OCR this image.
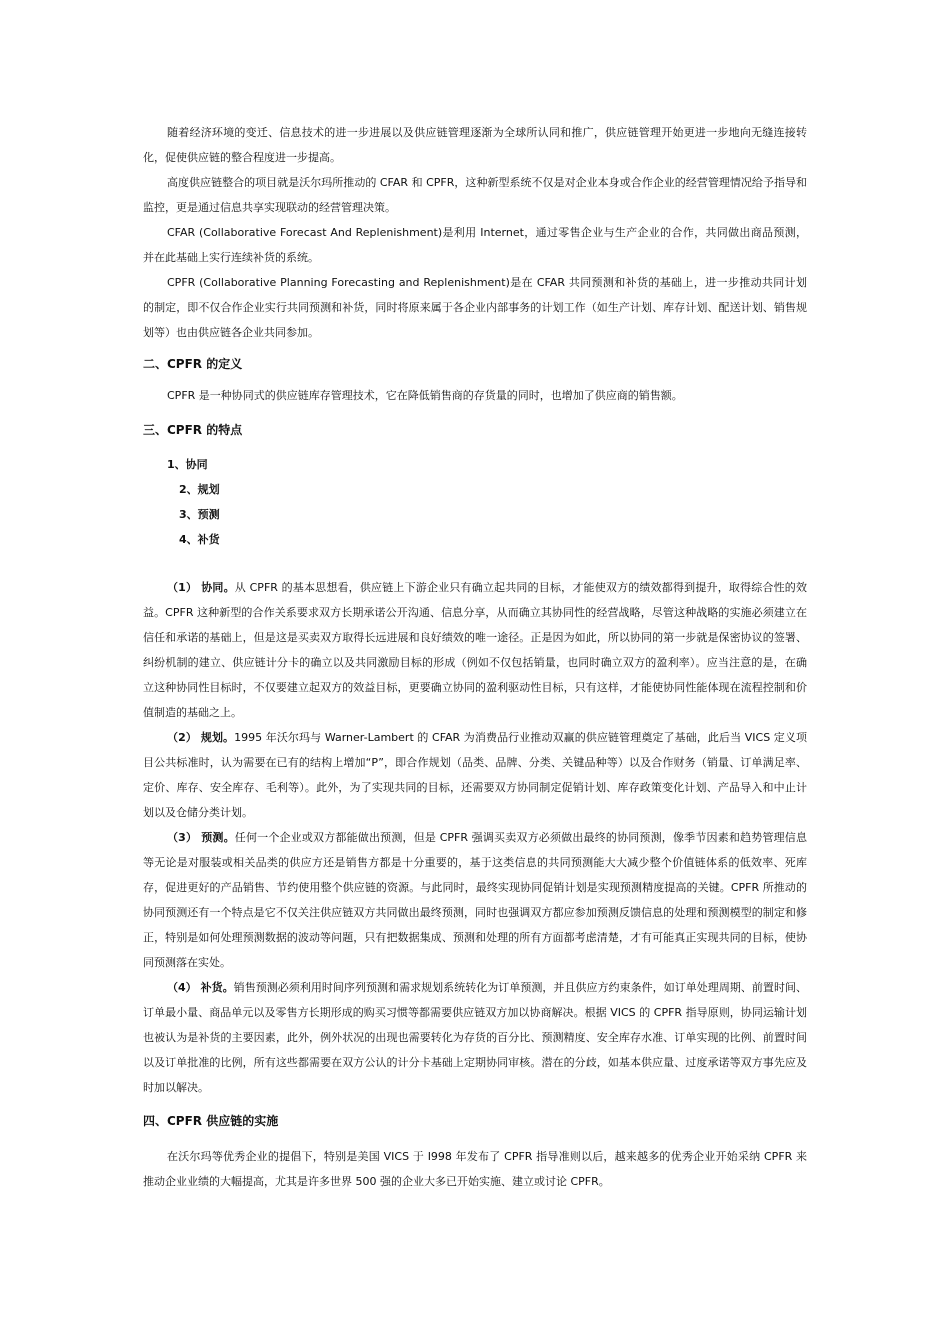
随着经济环境的变迁、信息技术的进一步进展以及供应链管理逐渐为全球所认同和推广，供应链管理开始更进一步地向无缝连接转化，促使供应链的整合程度进一步提高。

高度供应链整合的项目就是沃尔玛所推动的 CFAR 和 CPFR，这种新型系统不仅是对企业本身或合作企业的经营管理情况给予指导和监控，更是通过信息共享实现联动的经营管理决策。

CFAR (Collaborative Forecast And Replenishment)是利用 Internet，通过零售企业与生产企业的合作，共同做出商品预测，并在此基础上实行连续补货的系统。

CPFR (Collaborative Planning Forecasting and Replenishment)是在 CFAR 共同预测和补货的基础上，进一步推动共同计划的制定，即不仅合作企业实行共同预测和补货，同时将原来属于各企业内部事务的计划工作（如生产计划、库存计划、配送计划、销售规划等）也由供应链各企业共同参加。

二、CPFR 的定义

CPFR 是一种协同式的供应链库存管理技术，它在降低销售商的存货量的同时，也增加了供应商的销售额。

三、CPFR 的特点
1、协同
2、规划
3、预测
4、补货

（1） 协同。从 CPFR 的基本思想看，供应链上下游企业只有确立起共同的目标，才能使双方的绩效都得到提升，取得综合性的效益。CPFR 这种新型的合作关系要求双方长期承诺公开沟通、信息分享，从而确立其协同性的经营战略，尽管这种战略的实施必须建立在信任和承诺的基础上，但是这是买卖双方取得长远进展和良好绩效的唯一途径。正是因为如此，所以协同的第一步就是保密协议的签署、纠纷机制的建立、供应链计分卡的确立以及共同激励目标的形成（例如不仅包括销量，也同时确立双方的盈利率）。应当注意的是，在确立这种协同性目标时，不仅要建立起双方的效益目标，更要确立协同的盈利驱动性目标，只有这样，才能使协同性能体现在流程控制和价值制造的基础之上。

（2） 规划。1995 年沃尔玛与 Warner-Lambert 的 CFAR 为消费品行业推动双赢的供应链管理奠定了基础，此后当 VICS 定义项目公共标准时，认为需要在已有的结构上增加“P”，即合作规划（品类、品牌、分类、关键品种等）以及合作财务（销量、订单满足率、定价、库存、安全库存、毛利等）。此外，为了实现共同的目标，还需要双方协同制定促销计划、库存政策变化计划、产品导入和中止计划以及仓储分类计划。

（3） 预测。任何一个企业或双方都能做出预测，但是 CPFR 强调买卖双方必须做出最终的协同预测，像季节因素和趋势管理信息等无论是对服装或相关品类的供应方还是销售方都是十分重要的，基于这类信息的共同预测能大大减少整个价值链体系的低效率、死库存，促进更好的产品销售、节约使用整个供应链的资源。与此同时，最终实现协同促销计划是实现预测精度提高的关键。CPFR 所推动的协同预测还有一个特点是它不仅关注供应链双方共同做出最终预测，同时也强调双方都应参加预测反馈信息的处理和预测模型的制定和修正，特别是如何处理预测数据的波动等问题，只有把数据集成、预测和处理的所有方面都考虑清楚，才有可能真正实现共同的目标，使协同预测落在实处。

（4） 补货。销售预测必须利用时间序列预测和需求规划系统转化为订单预测，并且供应方约束条件，如订单处理周期、前置时间、订单最小量、商品单元以及零售方长期形成的购买习惯等都需要供应链双方加以协商解决。根据 VICS 的 CPFR 指导原则，协同运输计划也被认为是补货的主要因素，此外，例外状况的出现也需要转化为存货的百分比、预测精度、安全库存水准、订单实现的比例、前置时间以及订单批准的比例，所有这些都需要在双方公认的计分卡基础上定期协同审核。潜在的分歧，如基本供应量、过度承诺等双方事先应及时加以解决。

四、CPFR 供应链的实施

在沃尔玛等优秀企业的提倡下，特别是美国 VICS 于 I998 年发布了 CPFR 指导准则以后，越来越多的优秀企业开始采纳 CPFR 来推动企业业绩的大幅提高，尤其是许多世界 500 强的企业大多已开始实施、建立或讨论 CPFR。
